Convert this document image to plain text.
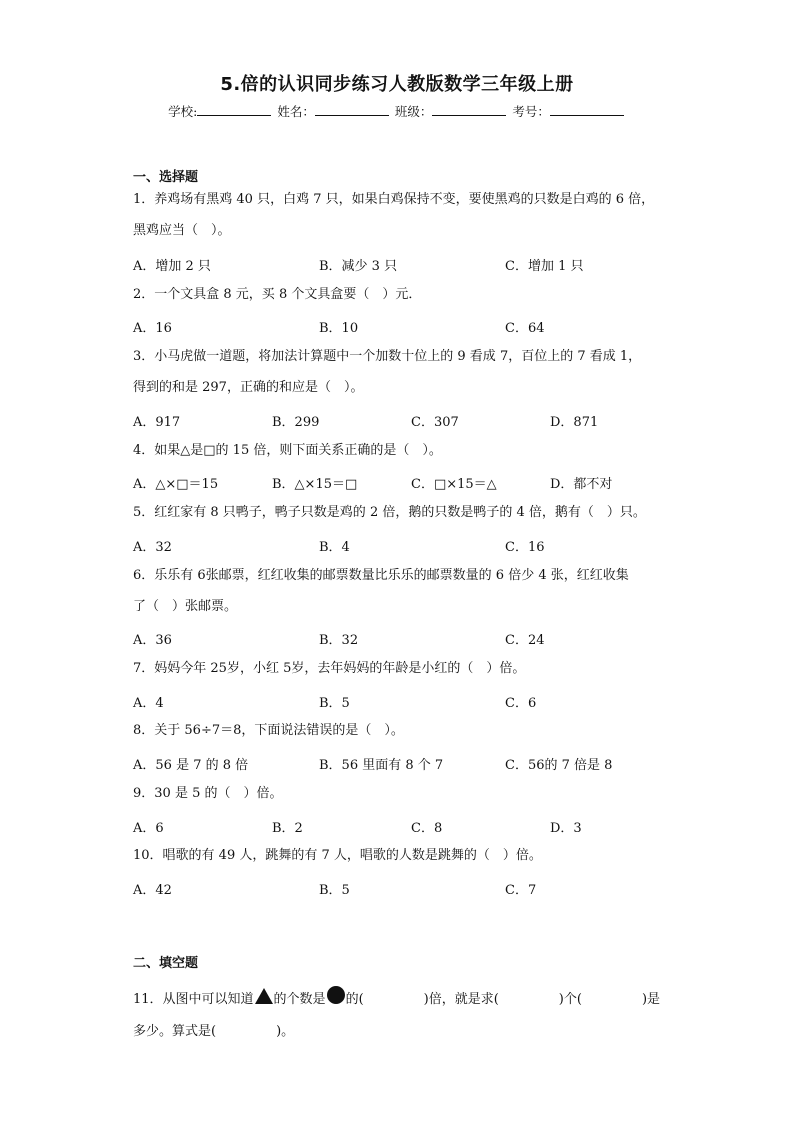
5.倍的认识同步练习人教版数学三年级上册
学校:	姓名：	班级：	考号：
一、选择题
1．养鸡场有黑鸡 40 只，白鸡 7 只，如果白鸡保持不变，要使黑鸡的只数是白鸡的 6 倍，
黑鸡应当（　）。
A．增加 2 只	B．减少 3 只	C．增加 1 只
2．一个文具盒 8 元，买 8 个文具盒要（　）元．
A．16	B．10	C．64
3．小马虎做一道题，将加法计算题中一个加数十位上的 9 看成 7，百位上的 7 看成 1，
得到的和是 297，正确的和应是（　）。
A．917	B．299	C．307	D．871
4．如果△是□的 15 倍，则下面关系正确的是（　）。
A．△×□＝15	B．△×15＝□	C．□×15＝△	D．都不对
5．红红家有 8 只鸭子，鸭子只数是鸡的 2 倍，鹅的只数是鸭子的 4 倍，鹅有（　）只。
A．32	B．4	C．16
6．乐乐有 6张邮票，红红收集的邮票数量比乐乐的邮票数量的 6 倍少 4 张，红红收集
了（　）张邮票。
A．36	B．32	C．24
7．妈妈今年 25岁，小红 5岁，去年妈妈的年龄是小红的（　）倍。
A．4	B．5	C．6
8．关于 56÷7＝8，下面说法错误的是（　）。
A．56 是 7 的 8 倍	B．56 里面有 8 个 7	C．56的 7 倍是 8
9．30 是 5 的（　）倍。
A．6	B．2	C．8	D．3
10．唱歌的有 49 人，跳舞的有 7 人，唱歌的人数是跳舞的（　）倍。
A．42	B．5	C．7
二、填空题
11．从图中可以知道 的个数是 的(	)倍，就是求(	)个(	)是
多少。算式是(	)。
